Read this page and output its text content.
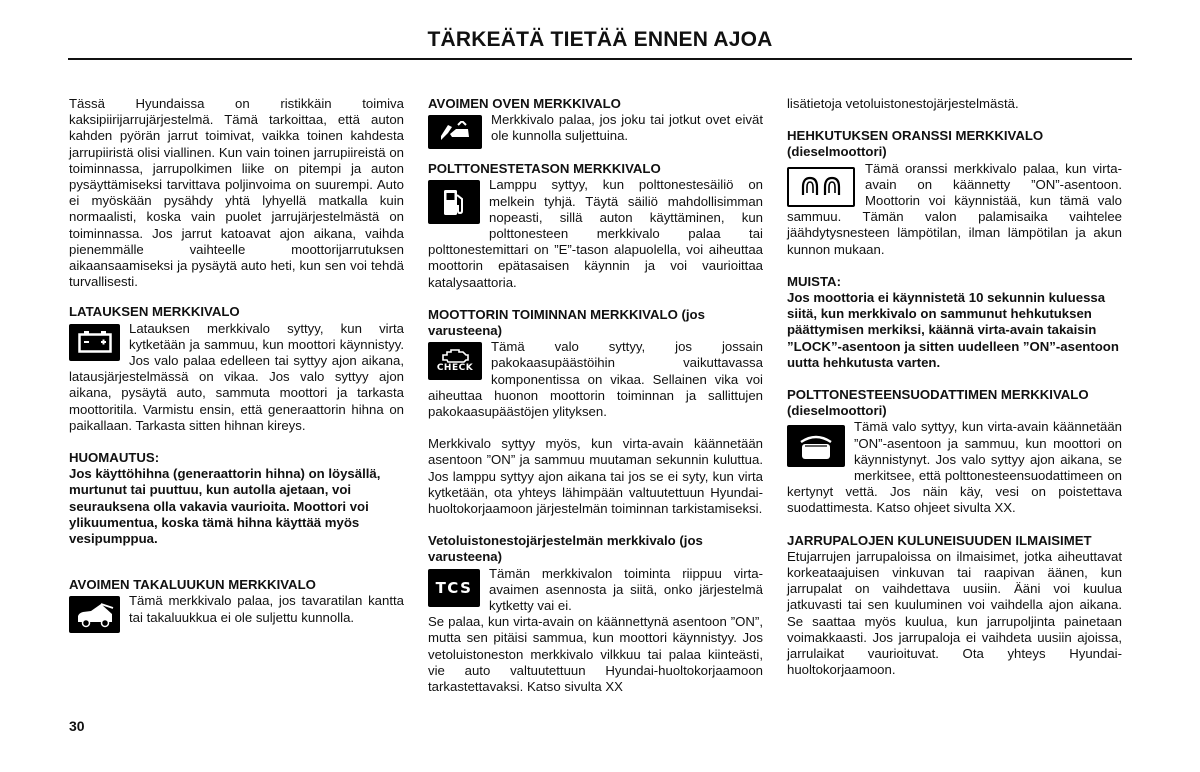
TÄRKEÄTÄ TIETÄÄ ENNEN AJOA

Tässä Hyundaissa on ristikkäin toimiva kaksipiirijarrujärjestelmä. Tämä tarkoittaa, että auton kahden pyörän jarrut toimivat, vaikka toinen kahdesta jarrupiiristä olisi viallinen. Kun vain toinen jarrupiireistä on toiminnassa, jarrupolkimen liike on pitempi ja auton pysäyttämiseksi tarvittava poljinvoima on suurempi. Auto ei myöskään pysähdy yhtä lyhyellä matkalla kuin normaalisti, koska vain puolet jarrujärjestelmästä on toiminnassa. Jos jarrut katoavat ajon aikana, vaihda pienemmälle vaihteelle moottorijarrutuksen aikaansaamiseksi ja pysäytä auto heti, kun sen voi tehdä turvallisesti.

LATAUKSEN MERKKIVALO

Latauksen merkkivalo syttyy, kun virta kytketään ja sammuu, kun moottori käynnistyy. Jos valo palaa edelleen tai syttyy ajon aikana, latausjärjestelmässä on vikaa. Jos valo syttyy ajon aikana, pysäytä auto, sammuta moottori ja tarkasta moottoritila. Varmistu ensin, että generaattorin hihna on paikallaan. Tarkasta sitten hihnan kireys.

HUOMAUTUS:

Jos käyttöhihna (generaattorin hihna) on löysällä, murtunut tai puuttuu, kun autolla ajetaan, voi seurauksena olla vakavia vaurioita. Moottori voi ylikuumentua, koska tämä hihna käyttää myös vesipumppua.

AVOIMEN TAKALUUKUN MERKKIVALO

Tämä merkkivalo palaa, jos tavaratilan kantta tai takaluukkua ei ole suljettu kunnolla.

AVOIMEN OVEN MERKKIVALO

Merkkivalo palaa, jos joku tai jotkut ovet eivät ole kunnolla suljettuina.

POLTTONESTETASON MERKKIVALO

Lamppu syttyy, kun polttonestesäiliö on melkein tyhjä. Täytä säiliö mahdollisimman nopeasti, sillä auton käyttäminen, kun polttonesteen merkkivalo palaa tai polttonestemittari on ”E”-tason alapuolella, voi aiheuttaa moottorin epätasaisen käynnin ja voi vaurioittaa katalysaattoria.

MOOTTORIN TOIMINNAN MERKKIVALO (jos varusteena)
CHECK

Tämä valo syttyy, jos jossain pakokaasupäästöihin vaikuttavassa komponentissa on vikaa. Sellainen vika voi aiheuttaa huonon moottorin toiminnan ja sallittujen pakokaasupäästöjen ylityksen.

Merkkivalo syttyy myös, kun virta-avain käännetään asentoon ”ON” ja sammuu muutaman sekunnin kuluttua. Jos lamppu syttyy ajon aikana tai jos se ei syty, kun virta kytketään, ota yhteys lähimpään valtuutettuun Hyundai-huoltokorjaamoon järjestelmän toiminnan tarkistamiseksi.

Vetoluistonestojärjestelmän merkkivalo (jos varusteena)
TCS

Tämän merkkivalon toiminta riippuu virta-avaimen asennosta ja siitä, onko järjestelmä kytketty vai ei.

Se palaa, kun virta-avain on käännettynä asentoon ”ON”, mutta sen pitäisi sammua, kun moottori käynnistyy. Jos vetoluistoneston merkkivalo vilkkuu tai palaa kiinteästi, vie auto valtuutettuun Hyundai-huoltokorjaamoon tarkastettavaksi. Katso sivulta XX

lisätietoja vetoluistonestojärjestelmästä.

HEHKUTUKSEN ORANSSI MERKKIVALO (dieselmoottori)

Tämä oranssi merkkivalo palaa, kun virta-avain on käännetty ”ON”-asentoon. Moottorin voi käynnistää, kun tämä valo sammuu. Tämän valon palamisaika vaihtelee jäähdytysnesteen lämpötilan, ilman lämpötilan ja akun kunnon mukaan.

MUISTA:

Jos moottoria ei käynnistetä 10 sekunnin kuluessa siitä, kun merkkivalo on sammunut hehkutuksen päättymisen merkiksi, käännä virta-avain takaisin ”LOCK”-asentoon ja sitten uudelleen ”ON”-asentoon uutta hehkutusta varten.

POLTTONESTEENSUODATTIMEN MERKKIVALO (dieselmoottori)

Tämä valo syttyy, kun virta-avain käännetään ”ON”-asentoon ja sammuu, kun moottori on käynnistynyt. Jos valo syttyy ajon aikana, se merkitsee, että polttonesteensuodattimeen on kertynyt vettä. Jos näin käy, vesi on poistettava suodattimesta. Katso ohjeet sivulta XX.

JARRUPALOJEN KULUNEISUUDEN ILMAISIMET

Etujarrujen jarrupaloissa on ilmaisimet, jotka aiheuttavat korkeataajuisen vinkuvan tai raapivan äänen, kun jarrupalat on vaihdettava uusiin. Ääni voi kuulua jatkuvasti tai sen kuuluminen voi vaihdella ajon aikana. Se saattaa myös kuulua, kun jarrupoljinta painetaan voimakkaasti. Jos jarrupaloja ei vaihdeta uusiin ajoissa, jarrulaikat vaurioituvat. Ota yhteys Hyundai-huoltokorjaamoon.

30
